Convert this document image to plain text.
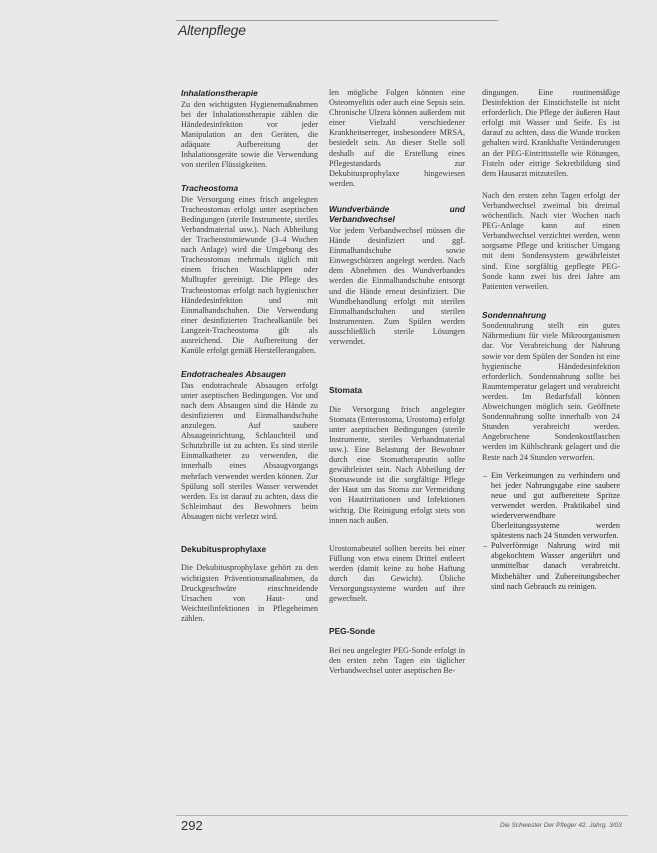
Altenpflege
Inhalationstherapie

Zu den wichtigsten Hygienemaßnahmen bei der Inhalationstherapie zählen die Händedesinfektion vor jeder Manipulation an den Geräten, die adäquate Aufbereitung der Inhalationsgeräte sowie die Verwendung von sterilen Flüssigkeiten.

Tracheostoma

Die Versorgung eines frisch angelegten Tracheostomas erfolgt unter aseptischen Bedingungen (sterile Instrumente, steriles Verbandmaterial usw.). Nach Abheilung der Tracheostomiewunde (3–4 Wochen nach Anlage) wird die Umgebung des Tracheostomas mehrmals täglich mit einem frischen Waschlappen oder Mulltupfer gereinigt. Die Pflege des Tracheostomas erfolgt nach hygienischer Händedesinfektion und mit Einmalhandschuhen. Die Verwendung einer desinfizierten Trachealkanüle bei Langzeit-Tracheostoma gilt als ausreichend. Die Aufbereitung der Kanüle erfolgt gemäß Herstellerangaben.

Endotracheales Absaugen

Das endotracheale Absaugen erfolgt unter aseptischen Bedingungen. Vor und nach dem Absaugen sind die Hände zu desinfizieren und Einmalhandschuhe anzulegen. Auf saubere Absaugeinrichtung, Schlauchteil und Schutzbrille ist zu achten. Es sind sterile Einmalkatheter zu verwenden, die innerhalb eines Absaugvorgangs mehrfach verwendet werden können. Zur Spülung soll steriles Wasser verwendet werden. Es ist darauf zu achten, dass die Schleimhaut des Bewohners beim Absaugen nicht verletzt wird.

Dekubitusprophylaxe

Die Dekubitusprophylaxe gehört zu den wichtigsten Präventionsmaßnahmen, da Druckgeschwüre einschneidende Ursachen von Haut- und Weichteilinfektionen in Pflegeheimen zählen.

len mögliche Folgen könnten eine Osteomyelitis oder auch eine Sepsis sein. Chronische Ulzera können außerdem mit einer Vielzahl verschiedener Krankheitserreger, insbesondere MRSA, besiedelt sein. An dieser Stelle soll deshalb auf die Erstellung eines Pflegestandards zur Dekubitusprophylaxe hingewiesen werden.

Wundverbände und Verbandwechsel

Vor jedem Verbandwechsel müssen die Hände desinfiziert und ggf. Einmalhandschuhe sowie Einwegschürzen angelegt werden. Nach dem Abnehmen des Wundverbandes werden die Einmalhandschuhe entsorgt und die Hände erneut desinfiziert. Die Wundbehandlung erfolgt mit sterilen Einmalhandschuhen und sterilen Instrumenten. Zum Spülen werden ausschließlich sterile Lösungen verwendet.

Stomata

Die Versorgung frisch angelegter Stomata (Enterostoma, Urostoma) erfolgt unter aseptischen Bedingungen (sterile Instrumente, steriles Verbandmaterial usw.). Eine Belastung der Bewohner durch eine Stomatherapeutin sollte gewährleistet sein. Nach Abheilung der Stomawunde ist die sorgfältige Pflege der Haut um das Stoma zur Vermeidung von Hautirritationen und Infektionen wichtig. Die Reinigung erfolgt stets von innen nach außen.

Urostomabeutel sollten bereits bei einer Füllung von etwa einem Drittel entleert werden (damit keine zu hohe Haftung durch das Gewicht). Übliche Versorgungssysteme wurden auf ihre gewechselt.

PEG-Sonde

Bei neu angelegter PEG-Sonde erfolgt in den ersten zehn Tagen ein täglicher Verbandwechsel unter aseptischen Be-

dingungen. Eine routinemäßige Desinfektion der Einstichstelle ist nicht erforderlich. Die Pflege der äußeren Haut erfolgt mit Wasser und Seife. Es ist darauf zu achten, dass die Wunde trocken gehalten wird. Krankhafte Veränderungen an der PEG-Eintrittsstelle wie Rötungen, Fisteln oder eitrige Sekretbildung sind dem Hausarzt mitzuteilen.

Nach den ersten zehn Tagen erfolgt der Verbandwechsel zweimal bis dreimal wöchentlich. Nach vier Wochen nach PEG-Anlage kann auf einen Verbandwechsel verzichtet werden, wenn sorgsame Pflege und kritischer Umgang mit dem Sondensystem gewährleistet sind. Eine sorgfältig gepflegte PEG-Sonde kann zwei bis drei Jahre am Patienten verweilen.

Sondennahrung

Sondennahrung stellt ein gutes Nährmedium für viele Mikroorganismen dar. Vor Verabreichung der Nahrung sowie vor dem Spülen der Sonden ist eine hygienische Händedesinfektion erforderlich. Sondennahrung sollte bei Raumtemperatur gelagert und verabreicht werden. Im Bedarfsfall können Abweichungen möglich sein. Geöffnete Sondennahrung sollte innerhalb von 24 Stunden verabreicht werden. Angebrochene Sondenkostflaschen werden im Kühlschrank gelagert und die Reste nach 24 Stunden verworfen.

– Ein Verkeimungen zu verhindern und bei jeder Nahrungsgabe eine saubere neue und gut aufbereitete Spritze verwendet werden. Praktikabel sind wiederverwendbare Überleitungssysteme werden spätestens nach 24 Stunden verworfen.
– Pulverförmige Nahrung wird mit abgekochtem Wasser angerührt und unmittelbar danach verabreicht. Mixbehälter und Zubereitungsbecher sind nach Gebrauch zu reinigen.
292	Die Schwester Der Pfleger 42. Jahrg. 3/03
